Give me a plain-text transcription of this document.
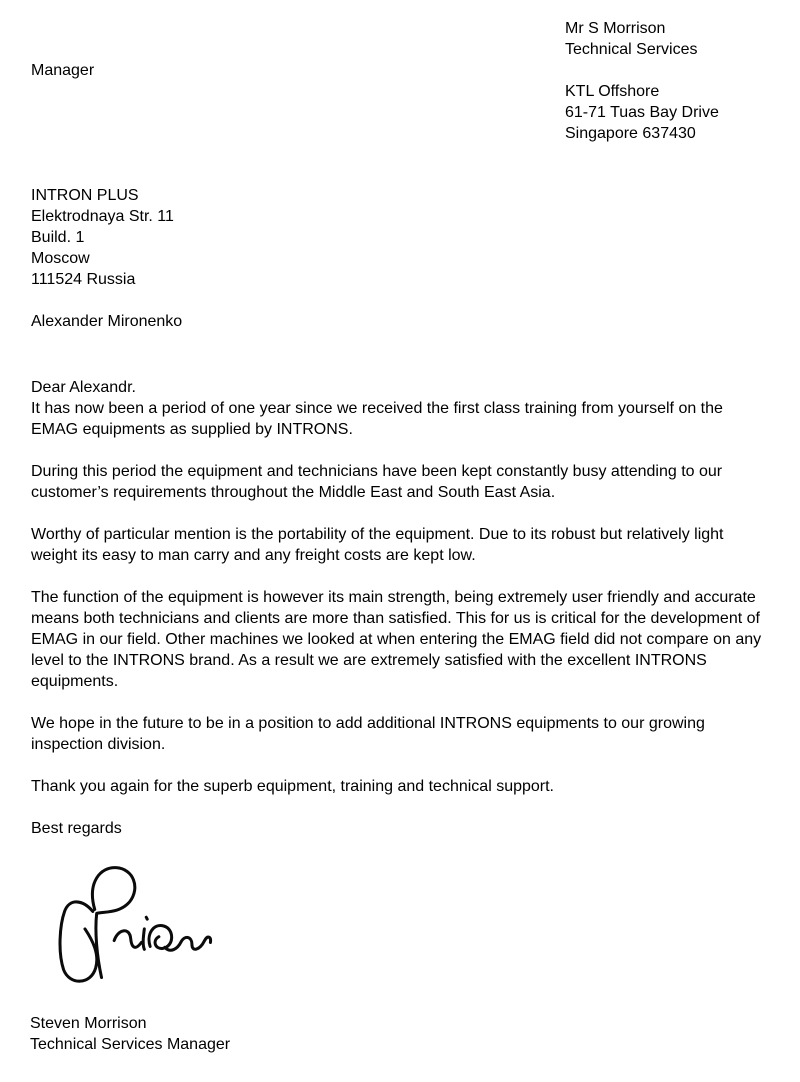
Mr S Morrison
Technical Services
KTL Offshore
61-71 Tuas Bay Drive
Singapore 637430
Manager
INTRON PLUS
Elektrodnaya Str. 11
Build. 1
Moscow
111524 Russia
Alexander Mironenko
Dear Alexandr.
It has now been a period of one year since we received the first class training from yourself on the EMAG equipments as supplied by INTRONS.
During this period the equipment and technicians have been kept constantly busy attending to our customer’s requirements throughout the Middle East and South East Asia.
Worthy of particular mention is the portability of the equipment. Due to its robust but relatively light weight its easy to man carry and any freight costs are kept low.
The function of the equipment is however its main strength, being extremely user friendly and accurate means both technicians and clients are more than satisfied. This for us is critical for the development of EMAG in our field. Other machines we looked at when entering the EMAG field did not compare on any level to the INTRONS brand. As a result we are extremely satisfied with the excellent INTRONS equipments.
We hope in the future to be in a position to add additional INTRONS equipments to our growing inspection division.
Thank you again for the superb equipment, training and technical support.
Best regards
Steven Morrison
Technical Services Manager
